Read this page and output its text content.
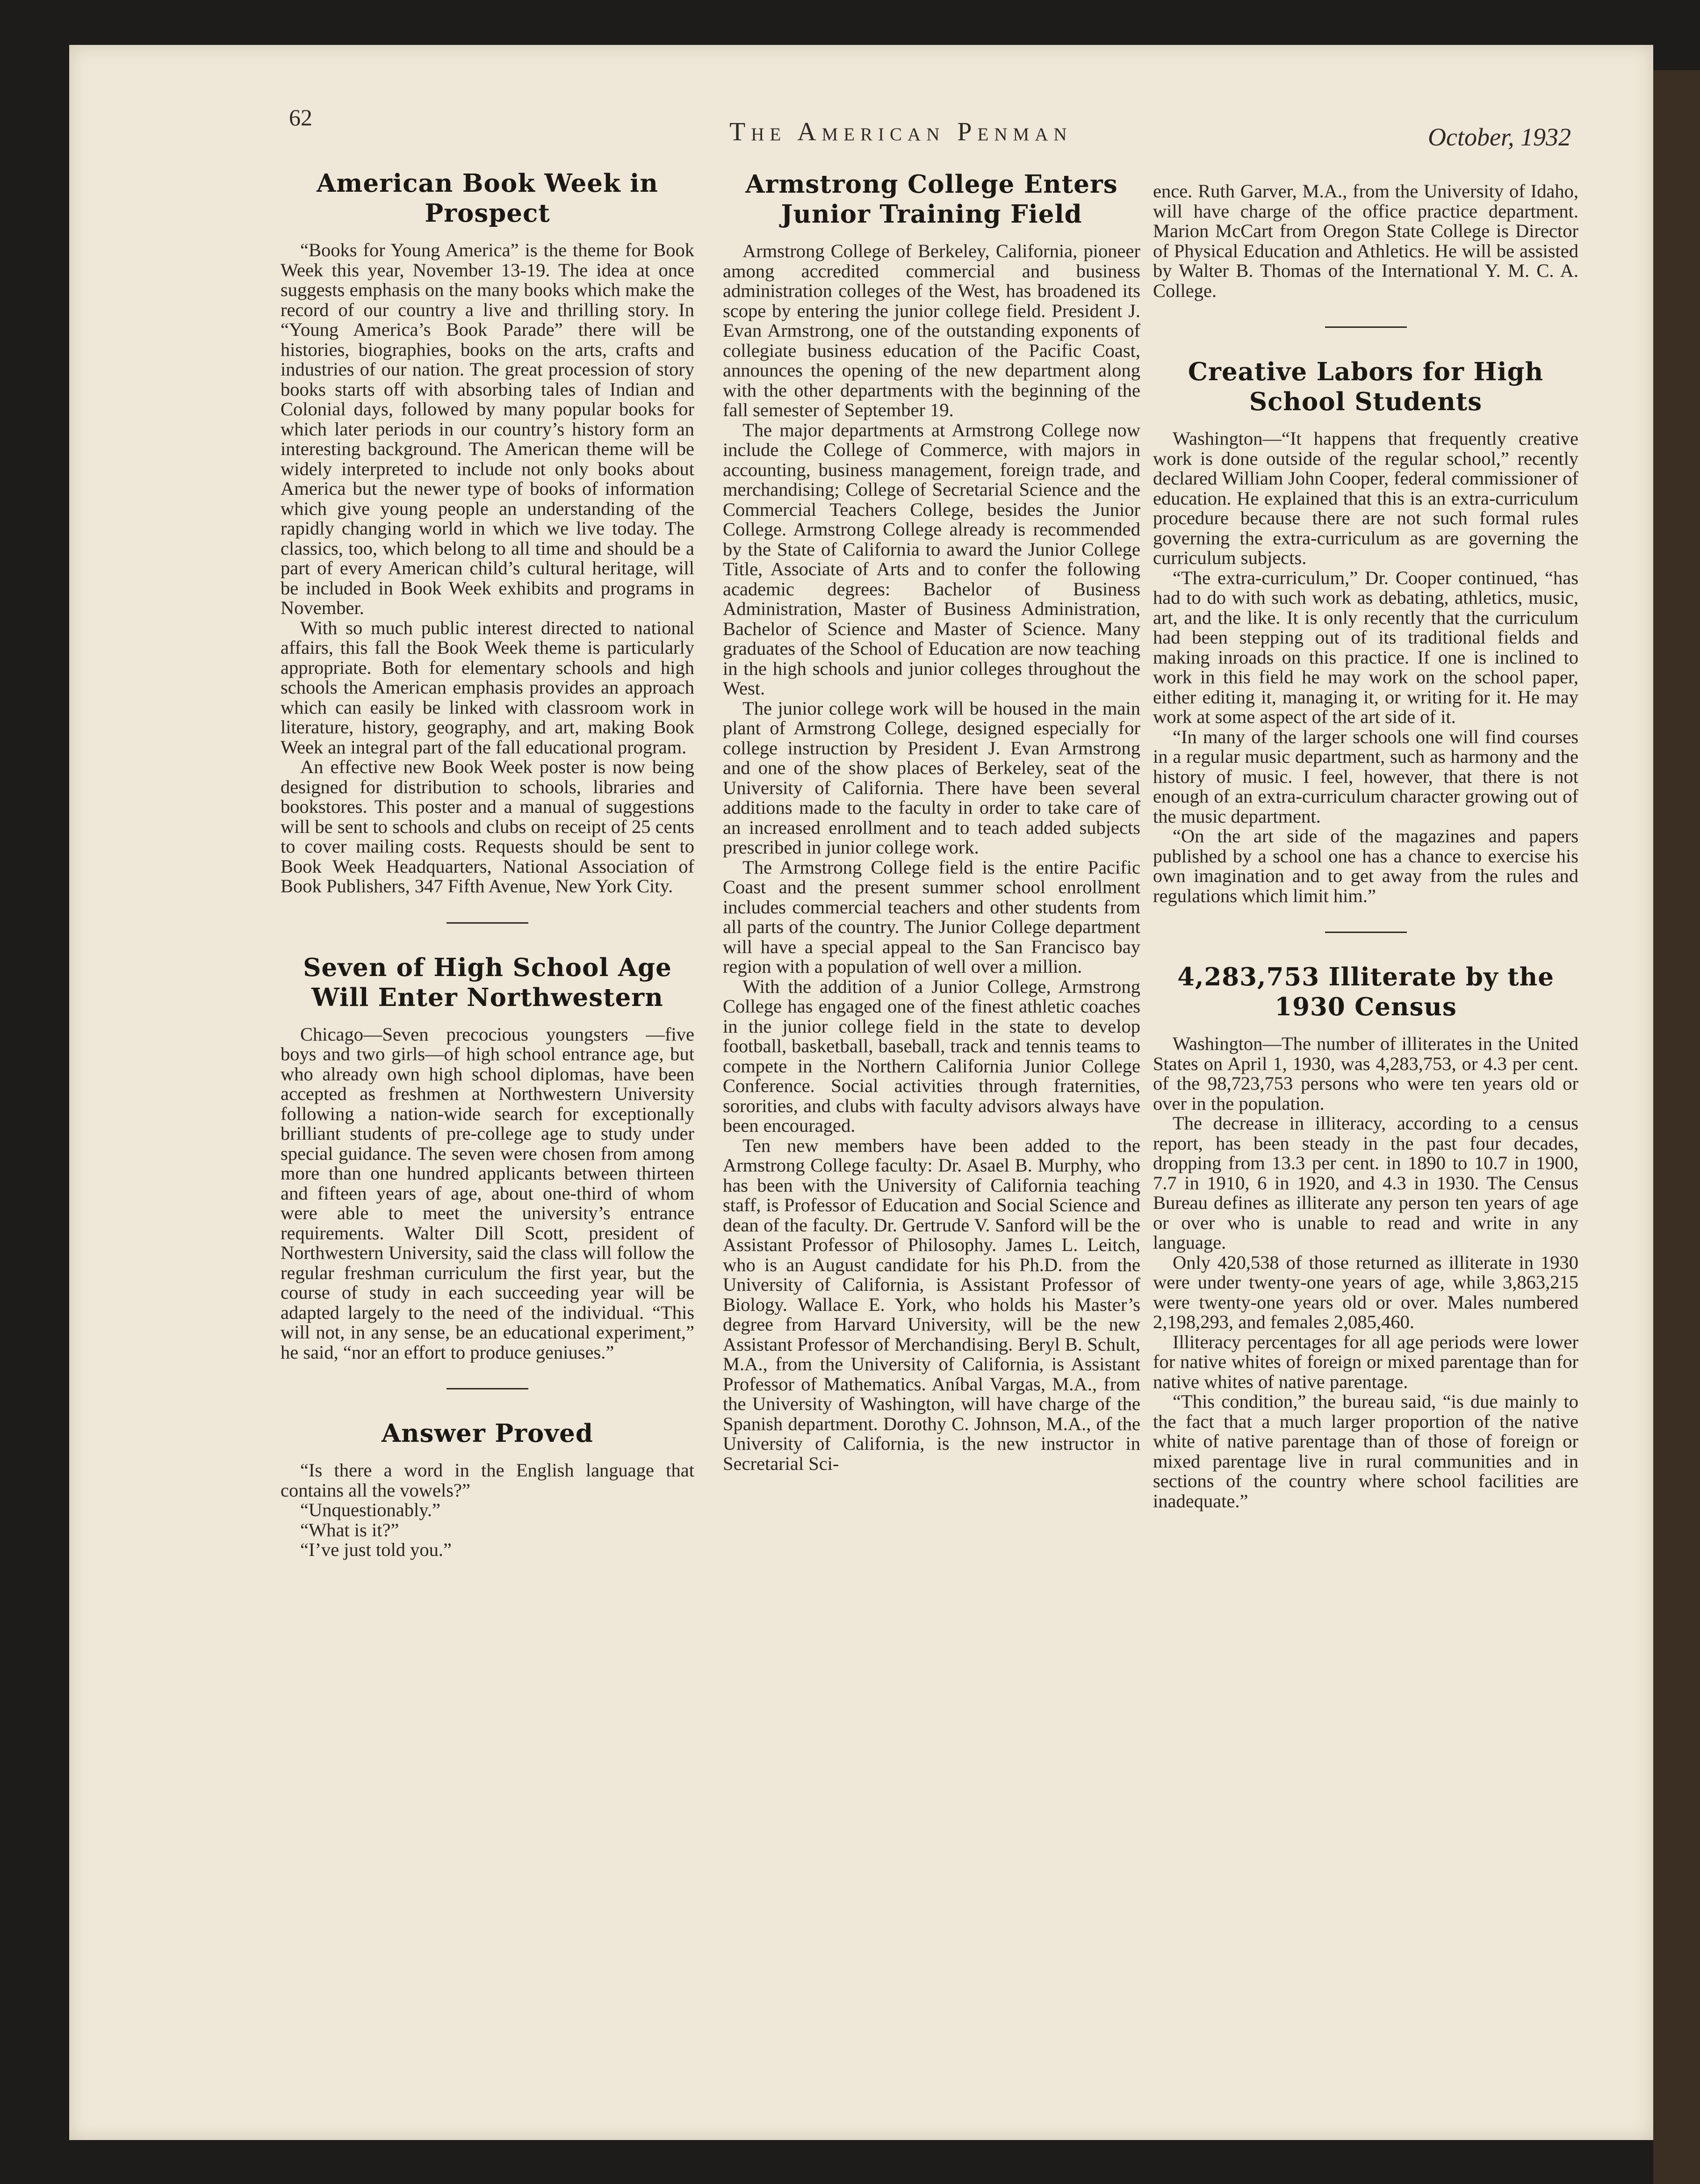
62	The American Penman	October, 1932
American Book Week in Prospect

“Books for Young America” is the theme for Book Week this year, November 13-19. The idea at once suggests emphasis on the many books which make the record of our country a live and thrilling story. In “Young America’s Book Parade” there will be histories, biographies, books on the arts, crafts and industries of our nation. The great procession of story books starts off with absorbing tales of Indian and Colonial days, followed by many popular books for which later periods in our country’s history form an interesting background. The American theme will be widely interpreted to include not only books about America but the newer type of books of information which give young people an understanding of the rapidly changing world in which we live today. The classics, too, which belong to all time and should be a part of every American child’s cultural heritage, will be included in Book Week exhibits and programs in November.

With so much public interest directed to national affairs, this fall the Book Week theme is particularly appropriate. Both for elementary schools and high schools the American emphasis provides an approach which can easily be linked with classroom work in literature, history, geography, and art, making Book Week an integral part of the fall educational program.

An effective new Book Week poster is now being designed for distribution to schools, libraries and bookstores. This poster and a manual of suggestions will be sent to schools and clubs on receipt of 25 cents to cover mailing costs. Requests should be sent to Book Week Headquarters, National Association of Book Publishers, 347 Fifth Avenue, New York City.

Seven of High School Age Will Enter Northwestern

Chicago—Seven precocious youngsters —five boys and two girls—of high school entrance age, but who already own high school diplomas, have been accepted as freshmen at Northwestern University following a nation-wide search for exceptionally brilliant students of pre-college age to study under special guidance. The seven were chosen from among more than one hundred applicants between thirteen and fifteen years of age, about one-third of whom were able to meet the university’s entrance requirements. Walter Dill Scott, president of Northwestern University, said the class will follow the regular freshman curriculum the first year, but the course of study in each succeeding year will be adapted largely to the need of the individual. “This will not, in any sense, be an educational experiment,” he said, “nor an effort to produce geniuses.”

Answer Proved

“Is there a word in the English language that contains all the vowels?”

“Unquestionably.”

“What is it?”

“I’ve just told you.”

Armstrong College Enters Junior Training Field

Armstrong College of Berkeley, California, pioneer among accredited commercial and business administration colleges of the West, has broadened its scope by entering the junior college field. President J. Evan Armstrong, one of the outstanding exponents of collegiate business education of the Pacific Coast, announces the opening of the new department along with the other departments with the beginning of the fall semester of September 19.

The major departments at Armstrong College now include the College of Commerce, with majors in accounting, business management, foreign trade, and merchandising; College of Secretarial Science and the Commercial Teachers College, besides the Junior College. Armstrong College already is recommended by the State of California to award the Junior College Title, Associate of Arts and to confer the following academic degrees: Bachelor of Business Administration, Master of Business Administration, Bachelor of Science and Master of Science. Many graduates of the School of Education are now teaching in the high schools and junior colleges throughout the West.

The junior college work will be housed in the main plant of Armstrong College, designed especially for college instruction by President J. Evan Armstrong and one of the show places of Berkeley, seat of the University of California. There have been several additions made to the faculty in order to take care of an increased enrollment and to teach added subjects prescribed in junior college work.

The Armstrong College field is the entire Pacific Coast and the present summer school enrollment includes commercial teachers and other students from all parts of the country. The Junior College department will have a special appeal to the San Francisco bay region with a population of well over a million.

With the addition of a Junior College, Armstrong College has engaged one of the finest athletic coaches in the junior college field in the state to develop football, basketball, baseball, track and tennis teams to compete in the Northern California Junior College Conference. Social activities through fraternities, sororities, and clubs with faculty advisors always have been encouraged.

Ten new members have been added to the Armstrong College faculty: Dr. Asael B. Murphy, who has been with the University of California teaching staff, is Professor of Education and Social Science and dean of the faculty. Dr. Gertrude V. Sanford will be the Assistant Professor of Philosophy. James L. Leitch, who is an August candidate for his Ph.D. from the University of California, is Assistant Professor of Biology. Wallace E. York, who holds his Master’s degree from Harvard University, will be the new Assistant Professor of Merchandising. Beryl B. Schult, M.A., from the University of California, is Assistant Professor of Mathematics. Aníbal Vargas, M.A., from the University of Washington, will have charge of the Spanish department. Dorothy C. Johnson, M.A., of the University of California, is the new instructor in Secretarial Sci-

ence. Ruth Garver, M.A., from the University of Idaho, will have charge of the office practice department. Marion McCart from Oregon State College is Director of Physical Education and Athletics. He will be assisted by Walter B. Thomas of the International Y. M. C. A. College.

Creative Labors for High School Students

Washington—“It happens that frequently creative work is done outside of the regular school,” recently declared William John Cooper, federal commissioner of education. He explained that this is an extra-curriculum procedure because there are not such formal rules governing the extra-curriculum as are governing the curriculum subjects.

“The extra-curriculum,” Dr. Cooper continued, “has had to do with such work as debating, athletics, music, art, and the like. It is only recently that the curriculum had been stepping out of its traditional fields and making inroads on this practice. If one is inclined to work in this field he may work on the school paper, either editing it, managing it, or writing for it. He may work at some aspect of the art side of it.

“In many of the larger schools one will find courses in a regular music department, such as harmony and the history of music. I feel, however, that there is not enough of an extra-curriculum character growing out of the music department.

“On the art side of the magazines and papers published by a school one has a chance to exercise his own imagination and to get away from the rules and regulations which limit him.”

4,283,753 Illiterate by the 1930 Census

Washington—The number of illiterates in the United States on April 1, 1930, was 4,283,753, or 4.3 per cent. of the 98,723,753 persons who were ten years old or over in the population.

The decrease in illiteracy, according to a census report, has been steady in the past four decades, dropping from 13.3 per cent. in 1890 to 10.7 in 1900, 7.7 in 1910, 6 in 1920, and 4.3 in 1930. The Census Bureau defines as illiterate any person ten years of age or over who is unable to read and write in any language.

Only 420,538 of those returned as illiterate in 1930 were under twenty-one years of age, while 3,863,215 were twenty-one years old or over. Males numbered 2,198,293, and females 2,085,460.

Illiteracy percentages for all age periods were lower for native whites of foreign or mixed parentage than for native whites of native parentage.

“This condition,” the bureau said, “is due mainly to the fact that a much larger proportion of the native white of native parentage than of those of foreign or mixed parentage live in rural communities and in sections of the country where school facilities are inadequate.”
